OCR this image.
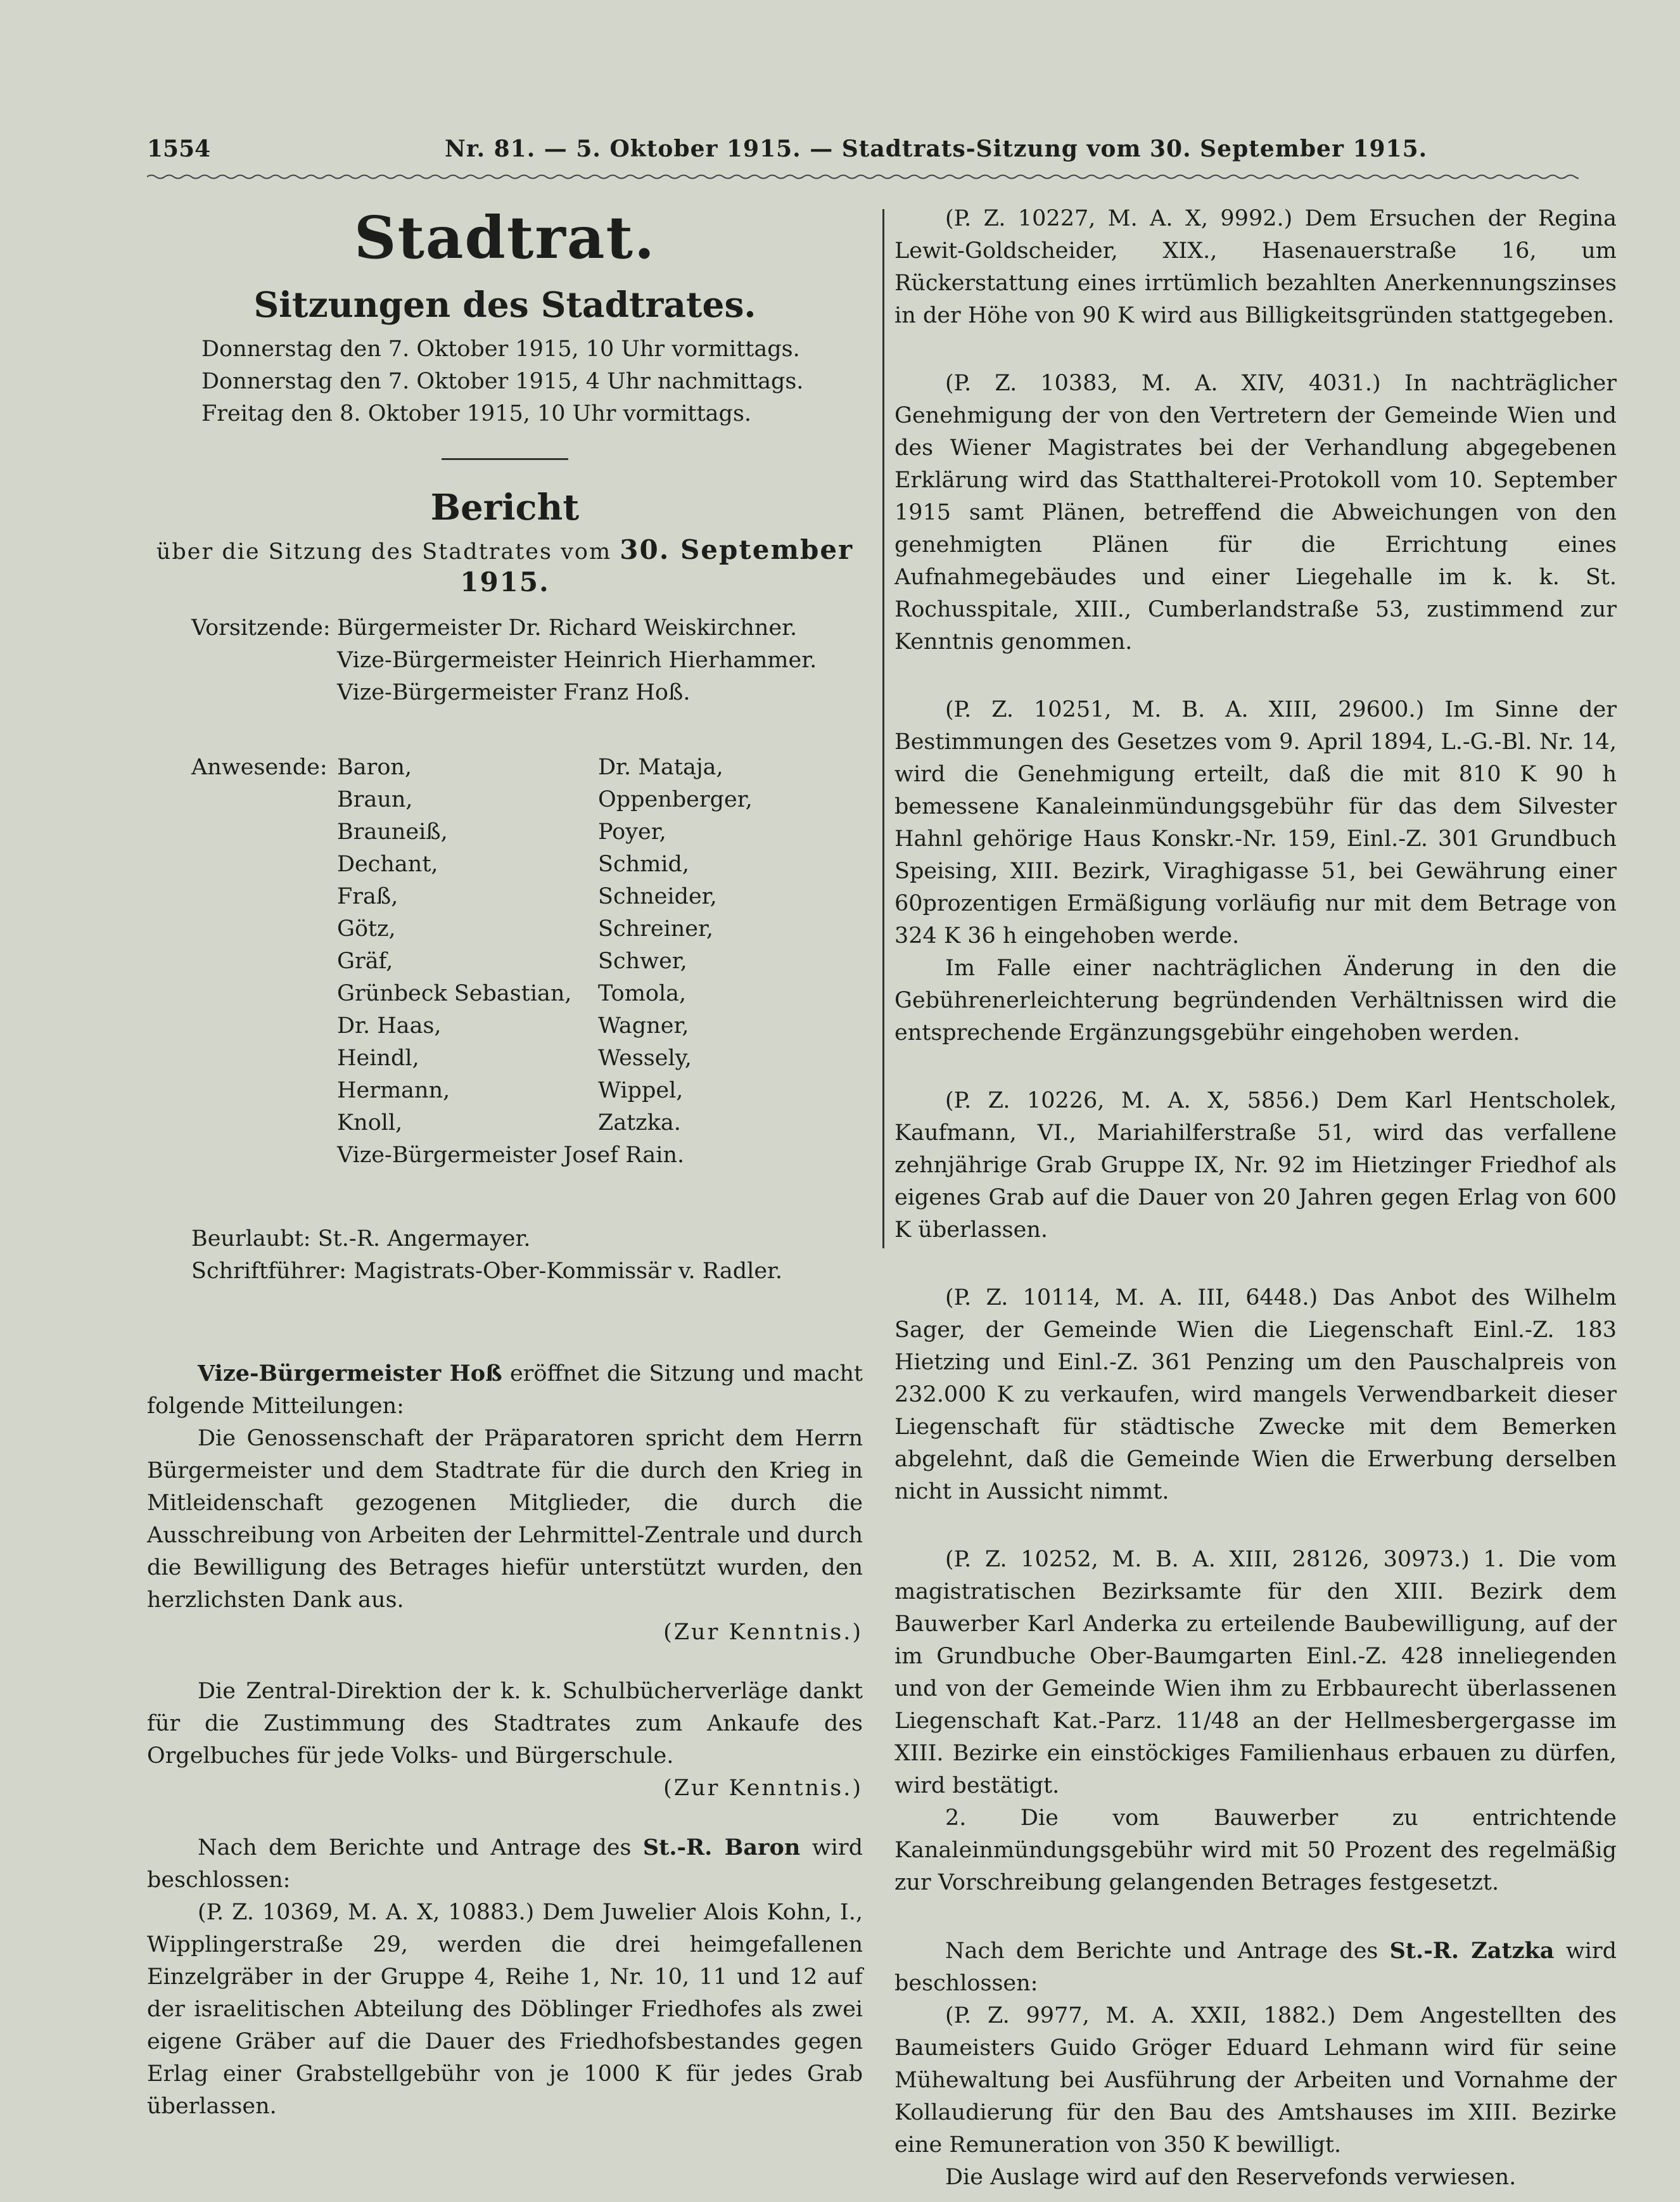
1554	Nr. 81. — 5. Oktober 1915. — Stadtrats-Sitzung vom 30. September 1915.
Stadtrat.
Sitzungen des Stadtrates.
Donnerstag den 7. Oktober 1915, 10 Uhr vormittags.
Donnerstag den 7. Oktober 1915, 4 Uhr nachmittags.
Freitag den 8. Oktober 1915, 10 Uhr vormittags.
Bericht
über die Sitzung des Stadtrates vom 30. September
1915.
Vorsitzende: Bürgermeister Dr. Richard Weiskirchner.
Vize-Bürgermeister Heinrich Hierhammer.
Vize-Bürgermeister Franz Hoß.
Anwesende: Baron,
Braun,
Brauneiß,
Dechant,
Fraß,
Götz,
Gräf,
Grünbeck Sebastian,
Dr. Haas,
Heindl,
Hermann,
Knoll,
Dr. Mataja,
Oppenberger,
Poyer,
Schmid,
Schneider,
Schreiner,
Schwer,
Tomola,
Wagner,
Wessely,
Wippel,
Zatzka.
Vize-Bürgermeister Josef Rain.
Beurlaubt: St.-R. Angermayer.
Schriftführer: Magistrats-Ober-Kommissär v. Radler.

Vize-Bürgermeister Hoß eröffnet die Sitzung und macht folgende Mitteilungen:

Die Genossenschaft der Präparatoren spricht dem Herrn Bürgermeister und dem Stadtrate für die durch den Krieg in Mitleidenschaft gezogenen Mitglieder, die durch die Ausschreibung von Arbeiten der Lehrmittel-Zentrale und durch die Bewilligung des Betrages hiefür unterstützt wurden, den herzlichsten Dank aus.

(Zur Kenntnis.)

Die Zentral-Direktion der k. k. Schulbücherverläge dankt für die Zustimmung des Stadtrates zum Ankaufe des Orgelbuches für jede Volks- und Bürgerschule.

(Zur Kenntnis.)

Nach dem Berichte und Antrage des St.-R. Baron wird beschlossen:

(P. Z. 10369, M. A. X, 10883.) Dem Juwelier Alois Kohn, I., Wipplingerstraße 29, werden die drei heimgefallenen Einzelgräber in der Gruppe 4, Reihe 1, Nr. 10, 11 und 12 auf der israelitischen Abteilung des Döblinger Friedhofes als zwei eigene Gräber auf die Dauer des Friedhofsbestandes gegen Erlag einer Grabstellgebühr von je 1000 K für jedes Grab überlassen.

(P. Z. 10227, M. A. X, 9992.) Dem Ersuchen der Regina Lewit-Goldscheider, XIX., Hasenauerstraße 16, um Rückerstattung eines irrtümlich bezahlten Anerkennungszinses in der Höhe von 90 K wird aus Billigkeitsgründen stattgegeben.

(P. Z. 10383, M. A. XIV, 4031.) In nachträglicher Genehmigung der von den Vertretern der Gemeinde Wien und des Wiener Magistrates bei der Verhandlung abgegebenen Erklärung wird das Statthalterei-Protokoll vom 10. September 1915 samt Plänen, betreffend die Abweichungen von den genehmigten Plänen für die Errichtung eines Aufnahmegebäudes und einer Liegehalle im k. k. St. Rochusspitale, XIII., Cumberlandstraße 53, zustimmend zur Kenntnis genommen.

(P. Z. 10251, M. B. A. XIII, 29600.) Im Sinne der Bestimmungen des Gesetzes vom 9. April 1894, L.-G.-Bl. Nr. 14, wird die Genehmigung erteilt, daß die mit 810 K 90 h bemessene Kanaleinmündungsgebühr für das dem Silvester Hahnl gehörige Haus Konskr.-Nr. 159, Einl.-Z. 301 Grundbuch Speising, XIII. Bezirk, Viraghigasse 51, bei Gewährung einer 60prozentigen Ermäßigung vorläufig nur mit dem Betrage von 324 K 36 h eingehoben werde.

Im Falle einer nachträglichen Änderung in den die Gebührenerleichterung begründenden Verhältnissen wird die entsprechende Ergänzungsgebühr eingehoben werden.

(P. Z. 10226, M. A. X, 5856.) Dem Karl Hentscholek, Kaufmann, VI., Mariahilferstraße 51, wird das verfallene zehnjährige Grab Gruppe IX, Nr. 92 im Hietzinger Friedhof als eigenes Grab auf die Dauer von 20 Jahren gegen Erlag von 600 K überlassen.

(P. Z. 10114, M. A. III, 6448.) Das Anbot des Wilhelm Sager, der Gemeinde Wien die Liegenschaft Einl.-Z. 183 Hietzing und Einl.-Z. 361 Penzing um den Pauschalpreis von 232.000 K zu verkaufen, wird mangels Verwendbarkeit dieser Liegenschaft für städtische Zwecke mit dem Bemerken abgelehnt, daß die Gemeinde Wien die Erwerbung derselben nicht in Aussicht nimmt.

(P. Z. 10252, M. B. A. XIII, 28126, 30973.) 1. Die vom magistratischen Bezirksamte für den XIII. Bezirk dem Bauwerber Karl Anderka zu erteilende Baubewilligung, auf der im Grundbuche Ober-Baumgarten Einl.-Z. 428 inneliegenden und von der Gemeinde Wien ihm zu Erbbaurecht überlassenen Liegenschaft Kat.-Parz. 11/48 an der Hellmesbergergasse im XIII. Bezirke ein einstöckiges Familienhaus erbauen zu dürfen, wird bestätigt.

2. Die vom Bauwerber zu entrichtende Kanaleinmündungsgebühr wird mit 50 Prozent des regelmäßig zur Vorschreibung gelangenden Betrages festgesetzt.

Nach dem Berichte und Antrage des St.-R. Zatzka wird beschlossen:

(P. Z. 9977, M. A. XXII, 1882.) Dem Angestellten des Baumeisters Guido Gröger Eduard Lehmann wird für seine Mühewaltung bei Ausführung der Arbeiten und Vornahme der Kollaudierung für den Bau des Amtshauses im XIII. Bezirke eine Remuneration von 350 K bewilligt.

Die Auslage wird auf den Reservefonds verwiesen.
